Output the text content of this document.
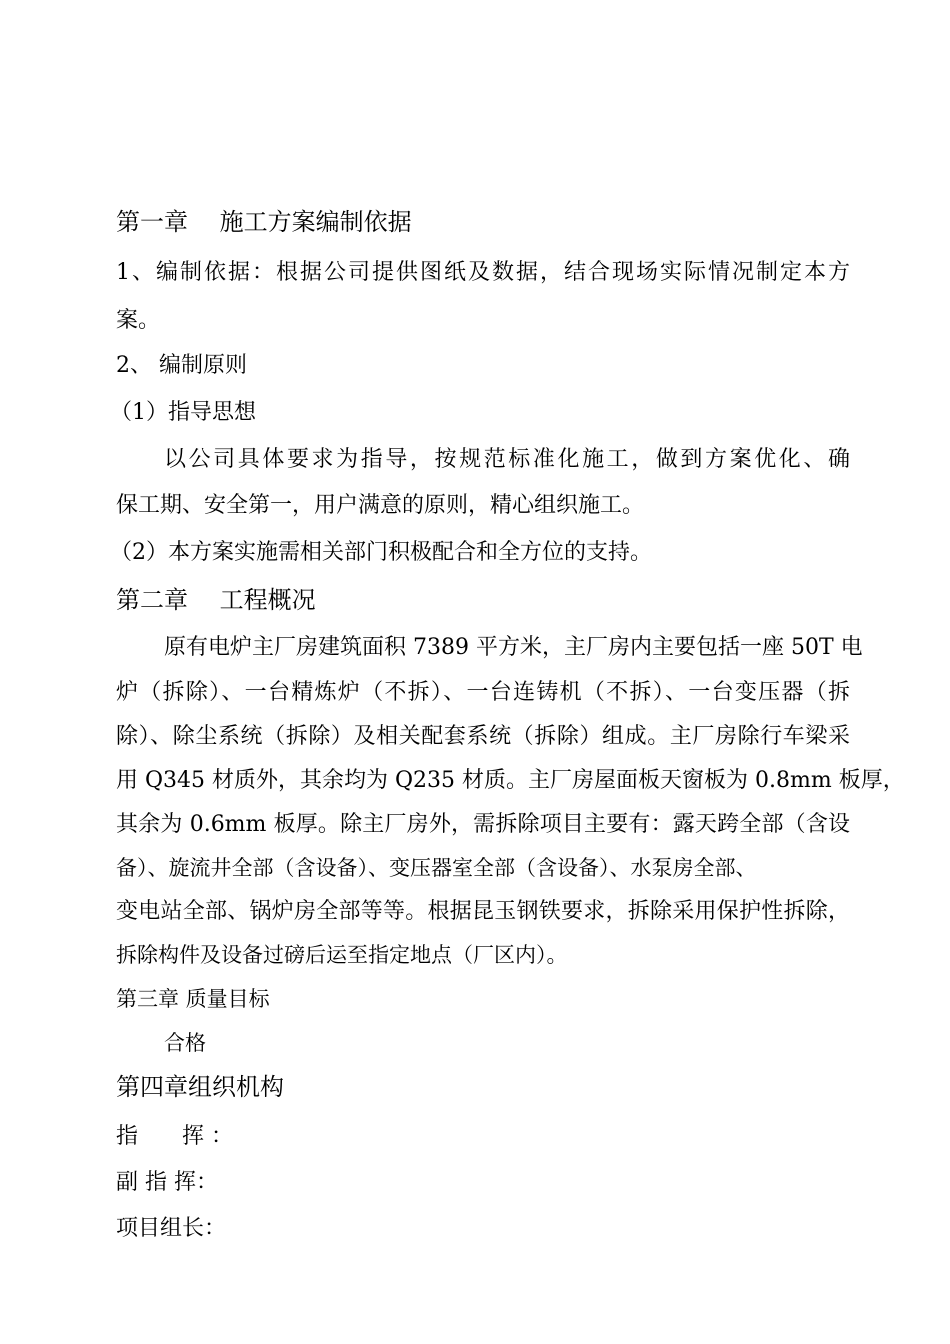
第一章　 施工方案编制依据
1、编制依据：根据公司提供图纸及数据，结合现场实际情况制定本方
案。
2、 编制原则
（1）指导思想
以公司具体要求为指导，按规范标准化施工，做到方案优化、确
保工期、安全第一，用户满意的原则，精心组织施工。
（2）本方案实施需相关部门积极配合和全方位的支持。
第二章　 工程概况
原有电炉主厂房建筑面积 7389 平方米，主厂房内主要包括一座 50T 电
炉（拆除）、一台精炼炉（不拆）、一台连铸机（不拆）、一台变压器（拆
除）、除尘系统（拆除）及相关配套系统（拆除）组成。主厂房除行车梁采
用 Q345 材质外，其余均为 Q235 材质。主厂房屋面板天窗板为 0.8mm 板厚，
其余为 0.6mm 板厚。除主厂房外，需拆除项目主要有：露天跨全部（含设
备）、旋流井全部（含设备）、变压器室全部（含设备）、水泵房全部、
变电站全部、锅炉房全部等等。根据昆玉钢铁要求，拆除采用保护性拆除，
拆除构件及设备过磅后运至指定地点（厂区内）。
第三章 质量目标
合格
第四章组织机构
指　　挥 ：
副 指 挥：
项目组长：
